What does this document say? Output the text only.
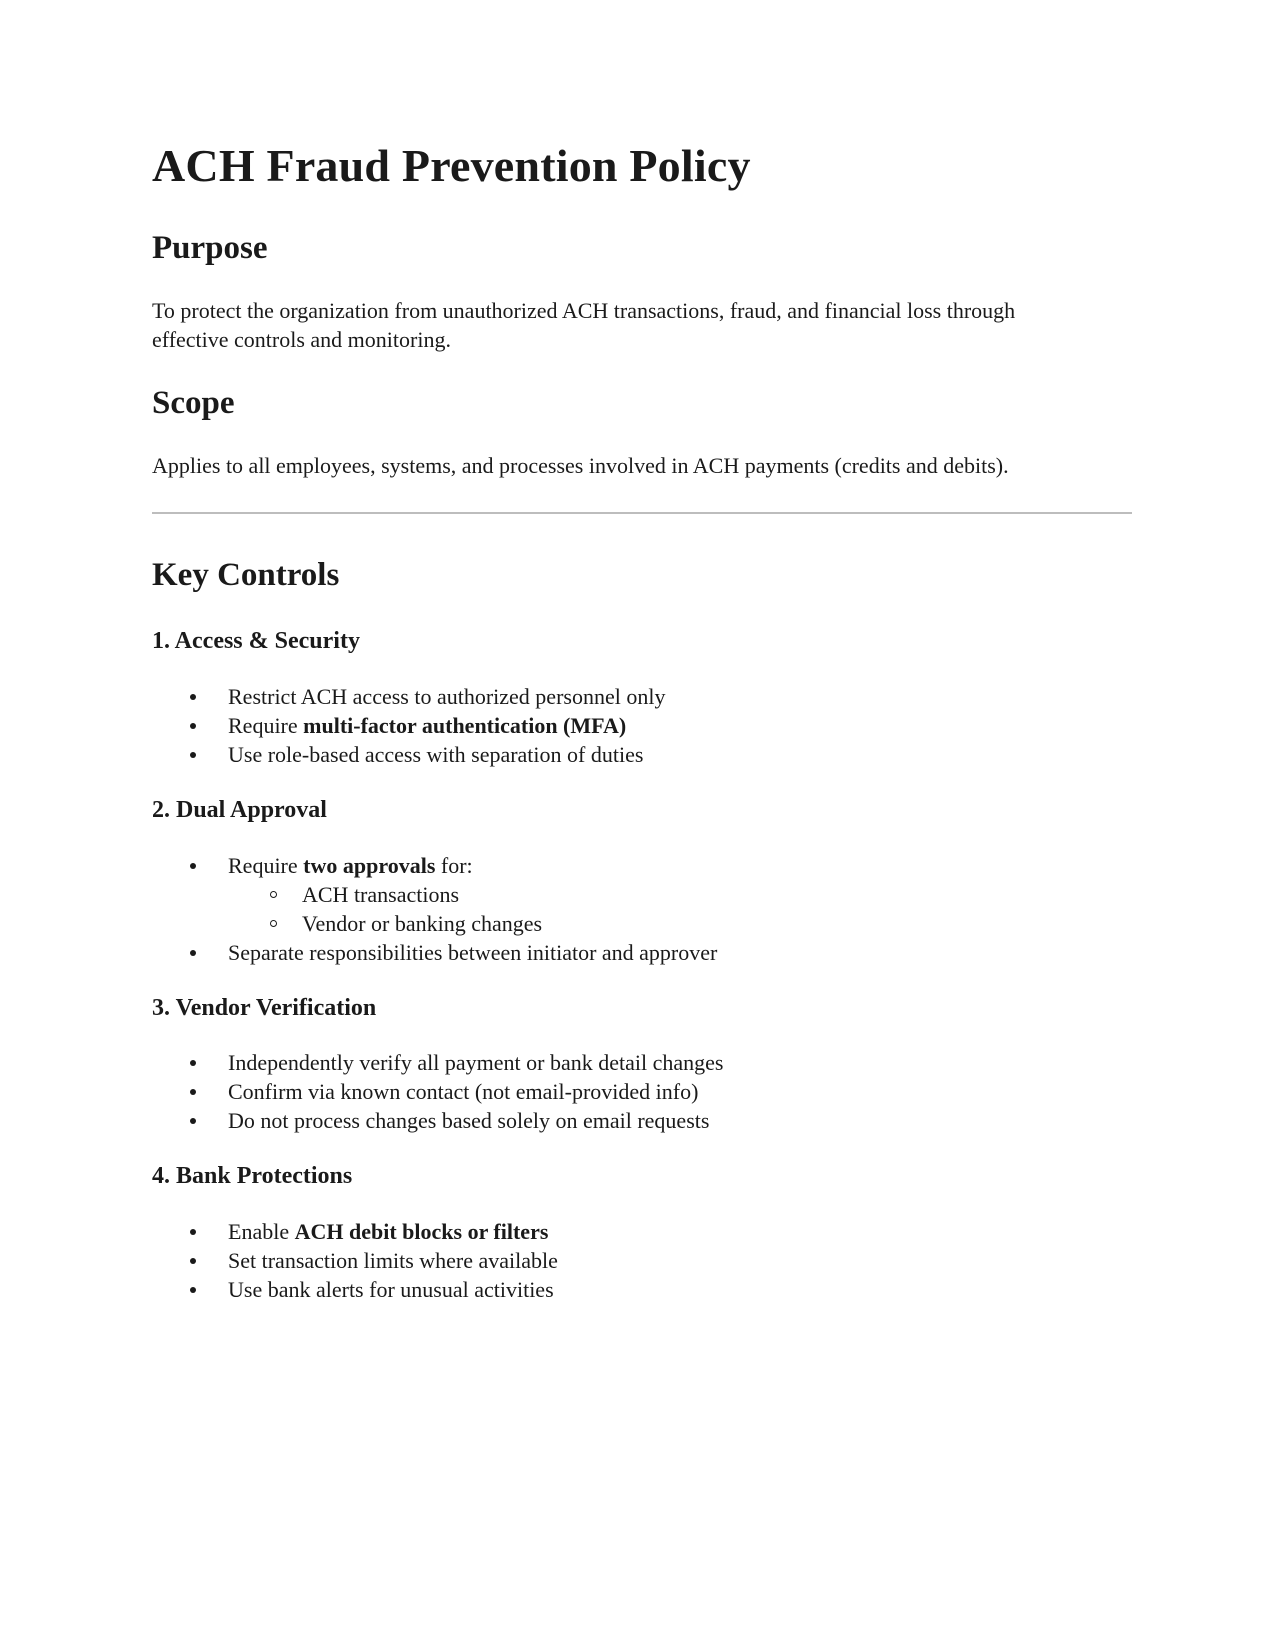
ACH Fraud Prevention Policy
Purpose

To protect the organization from unauthorized ACH transactions, fraud, and financial loss through effective controls and monitoring.

Scope

Applies to all employees, systems, and processes involved in ACH payments (credits and debits).

Key Controls
1. Access & Security
Restrict ACH access to authorized personnel only
Require multi-factor authentication (MFA)
Use role-based access with separation of duties
2. Dual Approval
Require two approvals for:
ACH transactions
Vendor or banking changes
Separate responsibilities between initiator and approver
3. Vendor Verification
Independently verify all payment or bank detail changes
Confirm via known contact (not email-provided info)
Do not process changes based solely on email requests
4. Bank Protections
Enable ACH debit blocks or filters
Set transaction limits where available
Use bank alerts for unusual activities
